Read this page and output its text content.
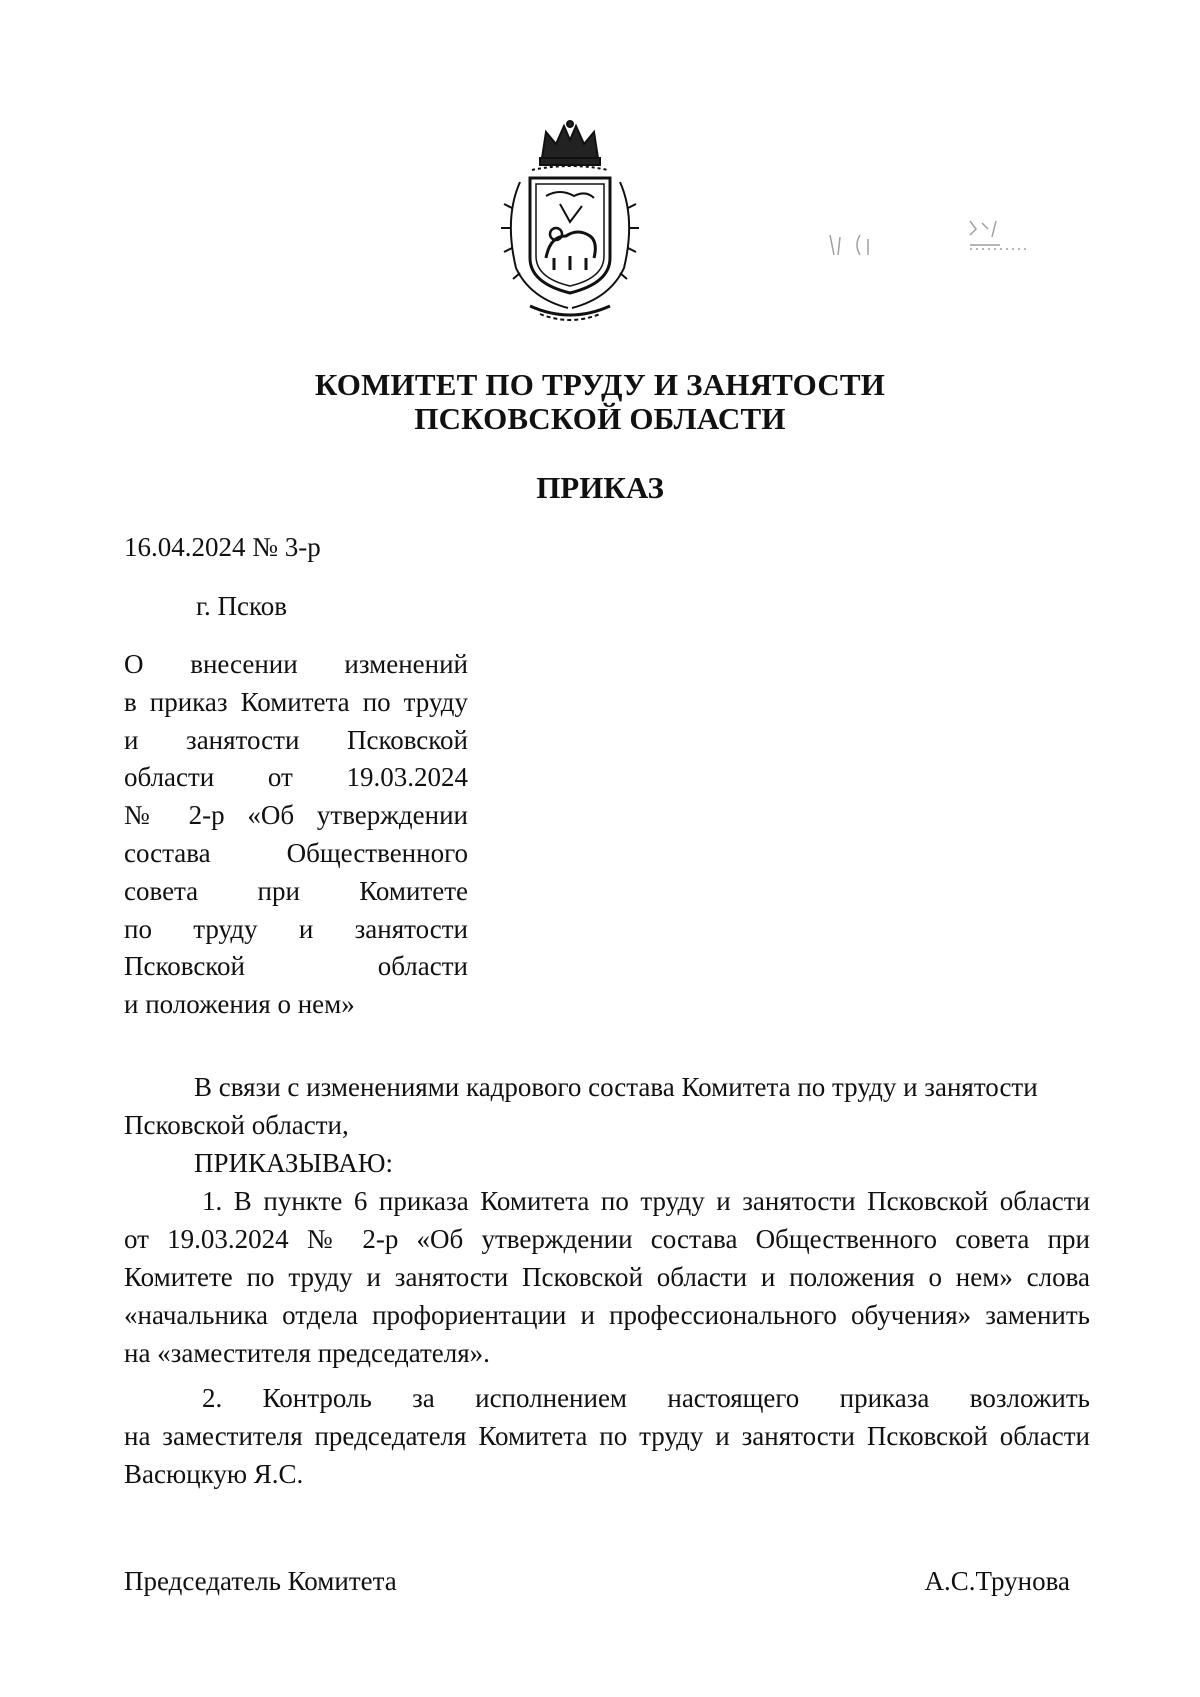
КОМИТЕТ ПО ТРУДУ И ЗАНЯТОСТИ
ПСКОВСКОЙ ОБЛАСТИ
ПРИКАЗ
16.04.2024 № 3-р
г. Псков
О внесении изменений
в приказ Комитета по труду
и занятости Псковской
области от 19.03.2024
№ 2-р «Об утверждении
состава Общественного
совета при Комитете
по труду и занятости
Псковской области
и положения о нем»
В связи с изменениями кадрового состава Комитета по труду и занятости
Псковской области,
ПРИКАЗЫВАЮ:
1. В пункте 6 приказа Комитета по труду и занятости Псковской области
от 19.03.2024 № 2-р «Об утверждении состава Общественного совета при
Комитете по труду и занятости Псковской области и положения о нем» слова
«начальника отдела профориентации и профессионального обучения» заменить
на «заместителя председателя».
2. Контроль за исполнением настоящего приказа возложить
на заместителя председателя Комитета по труду и занятости Псковской области
Васюцкую Я.С.
Председатель Комитета	А.С.Трунова
